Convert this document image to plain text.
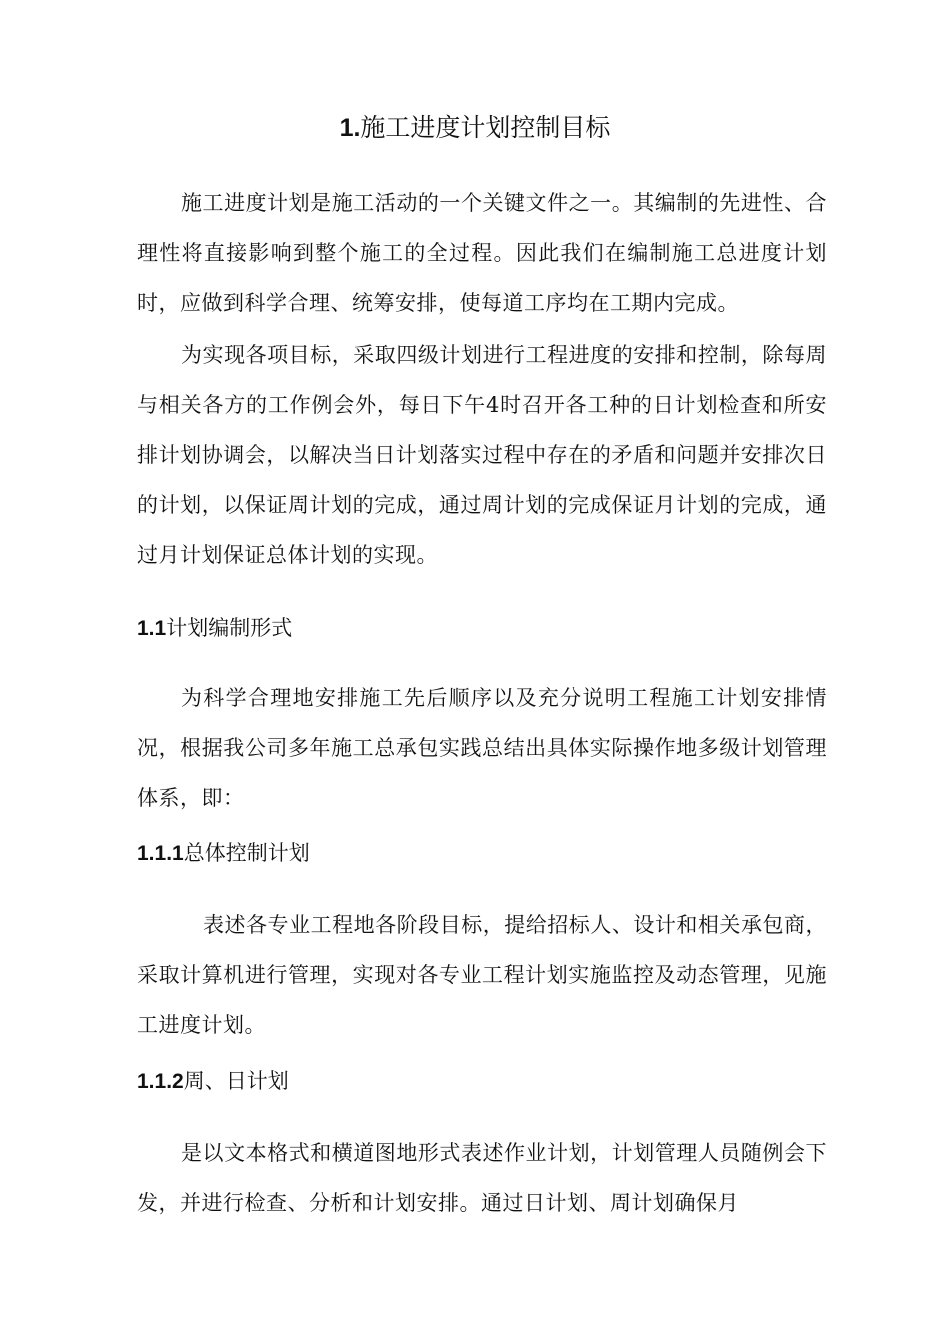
1.施工进度计划控制目标

施工进度计划是施工活动的一个关键文件之一。其编制的先进性、合理性将直接影响到整个施工的全过程。因此我们在编制施工总进度计划时，应做到科学合理、统筹安排，使每道工序均在工期内完成。

为实现各项目标，采取四级计划进行工程进度的安排和控制，除每周与相关各方的工作例会外，每日下午4时召开各工种的日计划检查和所安排计划协调会，以解决当日计划落实过程中存在的矛盾和问题并安排次日的计划，以保证周计划的完成，通过周计划的完成保证月计划的完成，通过月计划保证总体计划的实现。

1.1计划编制形式

为科学合理地安排施工先后顺序以及充分说明工程施工计划安排情况，根据我公司多年施工总承包实践总结出具体实际操作地多级计划管理体系，即：

1.1.1总体控制计划

表述各专业工程地各阶段目标，提给招标人、设计和相关承包商，采取计算机进行管理，实现对各专业工程计划实施监控及动态管理，见施工进度计划。

1.1.2周、日计划

是以文本格式和横道图地形式表述作业计划，计划管理人员随例会下发，并进行检查、分析和计划安排。通过日计划、周计划确保月
